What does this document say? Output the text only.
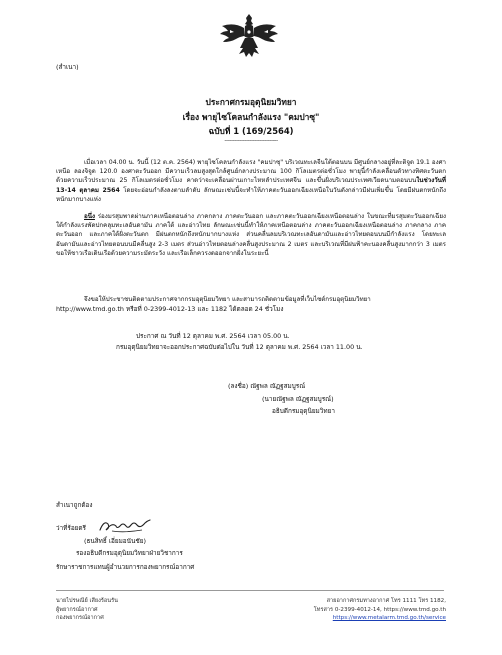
(สำเนา)
ประกาศกรมอุตุนิยมวิทยา
เรื่อง พายุไซโคลนกำลังแรง "คมปาซุ"
ฉบับที่ 1 (169/2564)
--------------------------------

เมื่อเวลา 04.00 น. วันนี้ (12 ต.ค. 2564) พายุไซโคลนกำลังแรง "คมปาซุ" บริเวณทะเลจีนใต้ตอนบน มีศูนย์กลางอยู่ที่ละติจูด 19.1 องศาเหนือ ลองจิจูด 120.0 องศาตะวันออก มีความเร็วลมสูงสุดใกล้ศูนย์กลางประมาณ 100 กิโลเมตรต่อชั่วโมง พายุนี้กำลังเคลื่อนตัวทางทิศตะวันตก ด้วยความเร็วประมาณ 25 กิโลเมตรต่อชั่วโมง คาดว่าจะเคลื่อนผ่านเกาะไหหลำประเทศจีน และขึ้นฝั่งบริเวณประเทศเวียดนามตอนบนในช่วงวันที่ 13-14 ตุลาคม 2564 โดยจะอ่อนกำลังลงตามลำดับ ลักษณะเช่นนี้จะทำให้ภาคตะวันออกเฉียงเหนือในวันดังกล่าวมีฝนเพิ่มขึ้น โดยมีฝนตกหนักถึงหนักมากบางแห่ง

อนึ่ง ร่องมรสุมพาดผ่านภาคเหนือตอนล่าง ภาคกลาง ภาคตะวันออก และภาคตะวันออกเฉียงเหนือตอนล่าง ในขณะที่มรสุมตะวันออกเฉียงใต้กำลังแรงพัดปกคลุมทะเลอันดามัน ภาคใต้ และอ่าวไทย ลักษณะเช่นนี้ทำให้ภาคเหนือตอนล่าง ภาคตะวันออกเฉียงเหนือตอนล่าง ภาคกลาง ภาคตะวันออก และภาคใต้ฝั่งตะวันตก มีฝนตกหนักถึงหนักมากบางแห่ง ส่วนคลื่นลมบริเวณทะเลอันดามันและอ่าวไทยตอนบนมีกำลังแรง โดยทะเลอันดามันและอ่าวไทยตอนบนมีคลื่นสูง 2-3 เมตร ส่วนอ่าวไทยตอนล่างคลื่นสูงประมาณ 2 เมตร และบริเวณที่มีฝนฟ้าคะนองคลื่นสูงมากกว่า 3 เมตร ขอให้ชาวเรือเดินเรือด้วยความระมัดระวัง และเรือเล็กควรงดออกจากฝั่งในระยะนี้

จึงขอให้ประชาชนติดตามประกาศจากกรมอุตุนิยมวิทยา และสามารถติดตามข้อมูลที่เว็บไซต์กรมอุตุนิยมวิทยา

http://www.tmd.go.th หรือที่ 0-2399-4012-13 และ 1182 ได้ตลอด 24 ชั่วโมง
ประกาศ ณ วันที่ 12 ตุลาคม พ.ศ. 2564 เวลา 05.00 น.
กรมอุตุนิยมวิทยาจะออกประกาศฉบับต่อไปใน วันที่ 12 ตุลาคม พ.ศ. 2564 เวลา 11.00 น.
(ลงชื่อ) ณัฐพล ณัฏฐสมบูรณ์
(นายณัฐพล ณัฏฐสมบูรณ์)
อธิบดีกรมอุตุนิยมวิทยา
สำเนาถูกต้อง
ว่าที่ร้อยตรี
(ธนสิทธิ์ เอี่ยมอนันชัย)
รองอธิบดีกรมอุตุนิยมวิทยาฝ่ายวิชาการ
รักษาราชการแทนผู้อำนวยการกองพยากรณ์อากาศ
นายไปรษณีย์ เสียงร้อนรัน
ผู้พยากรณ์อากาศ
กองพยากรณ์อากาศ
สายอากาศกรมทางอากาศ โทร 1111 โทร 1182,
โทรสาร 0-2399-4012-14, https://www.tmd.go.th
https://www.metalarm.tmd.go.th/service
